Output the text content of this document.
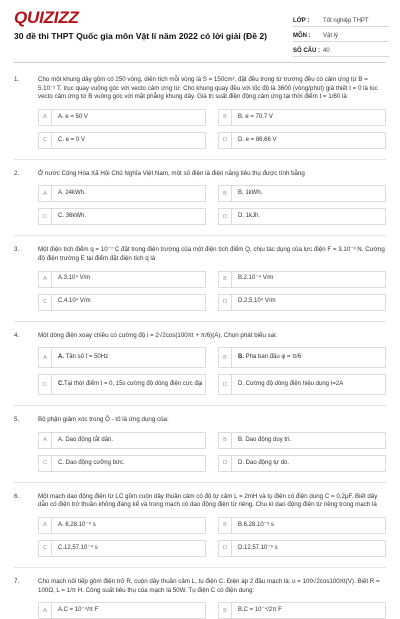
QUIZIZZ
30 đề thi THPT Quốc gia môn Vật lí năm 2022 có lời giải (Đề 2)
LỚP :	Tốt nghiệp THPT
MÔN :	Vật lý
SỐ CÂU : 40
1.	Cho một khung dây gồm có 250 vòng, diện tích mỗi vòng là S = 150cm², đặt đều trong từ trường đều có cảm ứng từ B = 5.10⁻² T. trục quay vuông góc với vecto cảm ứng từ. Cho khung quay đều với tốc độ là 3600 (vòng/phút) giả thiết t = 0 là lúc vecto cảm ứng từ B vuông góc với mặt phẳng khung dây. Giá trị suất điện động cảm ứng tại thời điểm t = 1/60 là
A	A. e = 50 V	B	B. e = 70,7 V
C	C. e = 0 V	D	D. e = 86,66 V
2.	Ở nước Cộng Hòa Xã Hội Chủ Nghĩa Việt Nam, một số điện là điện năng tiêu thụ được tính bằng
A	A. 24kWh.	B	B. 1kWh.
C	C. 36kWh.	D	D. 1kJh.
3.	Một điện tích điểm q = 10⁻⁷ C đặt trong điện trường của một điện tích điểm Q, chịu tác dụng của lực điện F = 3.10⁻³ N. Cường độ điện trường E tại điểm đặt điện tích q là
A	A.3.10⁴ V/m	B	B.2.10⁻⁴ V/m
C	C.4.10⁴ V/m	D	D.2,5.10⁴ V/m
4.	Một dòng điện xoay chiều có cường độ i = 2√2cos(100πt + π/6)(A). Chọn phát biểu sai:
A	A. Tần số f = 50Hz	B	B. Pha ban đầu φ = π/6
C	C.Tại thời điểm t = 0, 15s cường độ dòng điện cực đại	D	D. Cường độ dòng điện hiệu dụng I=2A
5.	Bộ phận giảm xóc trong Ô - tô là ứng dụng của:
A	A. Dao động tắt dần.	B	B. Dao động duy trì.
C	C. Dao động cưỡng bức.	D	D. Dao động tự do.
6.	Một mạch dao động điện từ LC gồm cuộn dây thuần cảm có độ tự cảm L = 2mH và tụ điện có điện dung C = 0,2μF. Biết dây dẫn có điện trở thuần không đáng kể và trong mạch có dao động điện từ riêng. Chu kì dao động điện từ riêng trong mạch là
A	A. 6,28.10⁻⁴ s	B	B.6,28.10⁻⁵ s
C	C.12,57.10⁻⁴ s	D	D.12,57.10⁻⁵ s
7.	Cho mạch nối tiếp gồm điện trở R, cuộn dây thuần cảm L, tụ điện C. Điện áp 2 đầu mạch là: u = 100√2cos100πt(V). Biết R = 100Ω, L = 1/π H. Công suất tiêu thụ của mạch là 50W. Tụ điện C có điện dung:
A	A.C = 10⁻⁴/π F	B	B.C = 10⁻⁴/2π F
